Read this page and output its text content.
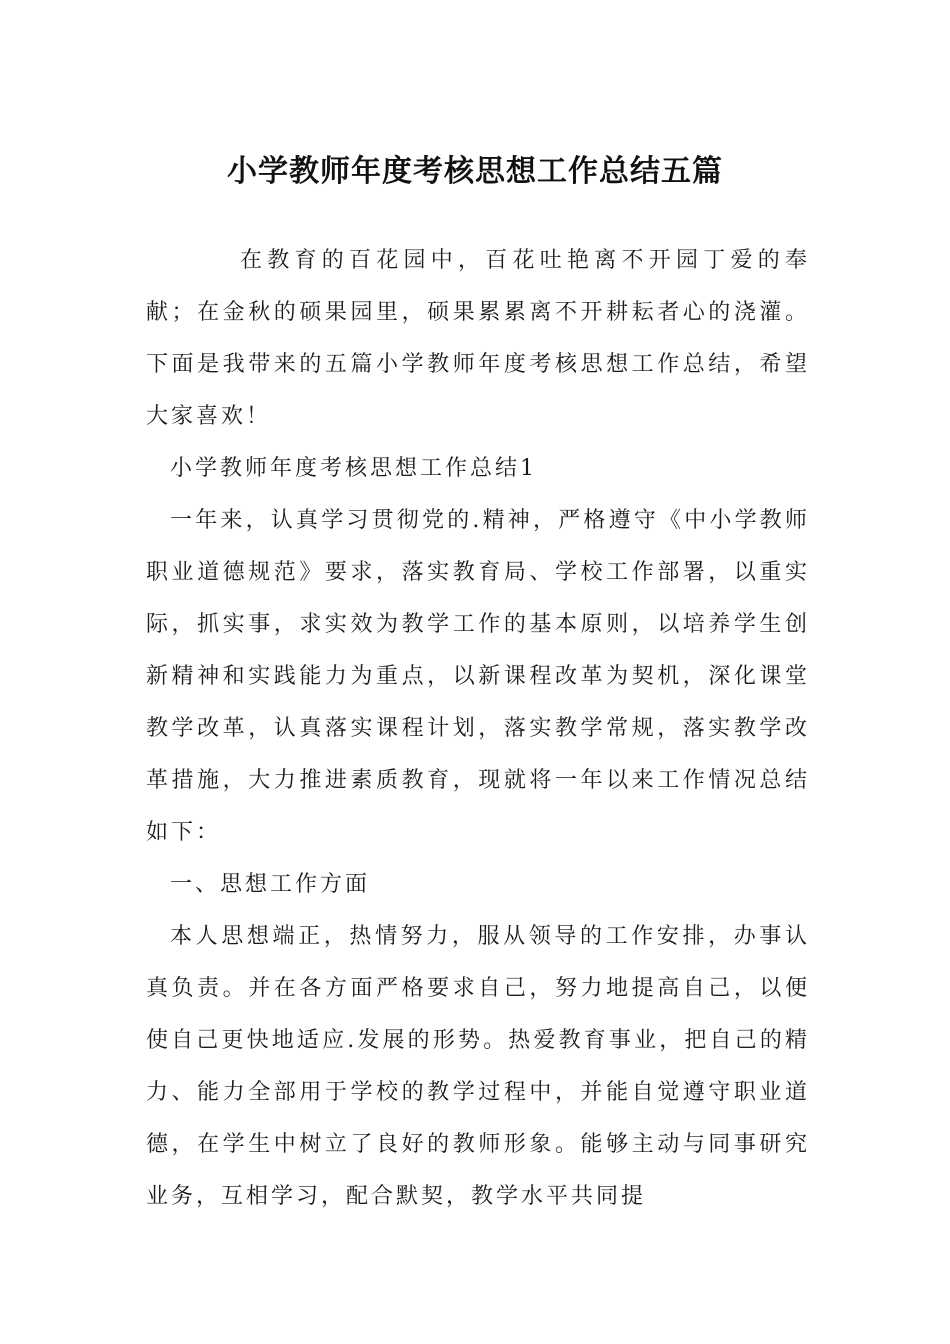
小学教师年度考核思想工作总结五篇

在教育的百花园中，百花吐艳离不开园丁爱的奉献；在金秋的硕果园里，硕果累累离不开耕耘者心的浇灌。下面是我带来的五篇小学教师年度考核思想工作总结，希望大家喜欢！

小学教师年度考核思想工作总结1

一年来，认真学习贯彻党的.精神，严格遵守《中小学教师职业道德规范》要求，落实教育局、学校工作部署，以重实际，抓实事，求实效为教学工作的基本原则，以培养学生创新精神和实践能力为重点，以新课程改革为契机，深化课堂教学改革，认真落实课程计划，落实教学常规，落实教学改革措施，大力推进素质教育，现就将一年以来工作情况总结如下：

一、思想工作方面

本人思想端正，热情努力，服从领导的工作安排，办事认真负责。并在各方面严格要求自己，努力地提高自己，以便使自己更快地适应.发展的形势。热爱教育事业，把自己的精力、能力全部用于学校的教学过程中，并能自觉遵守职业道德，在学生中树立了良好的教师形象。能够主动与同事研究业务，互相学习，配合默契，教学水平共同提
